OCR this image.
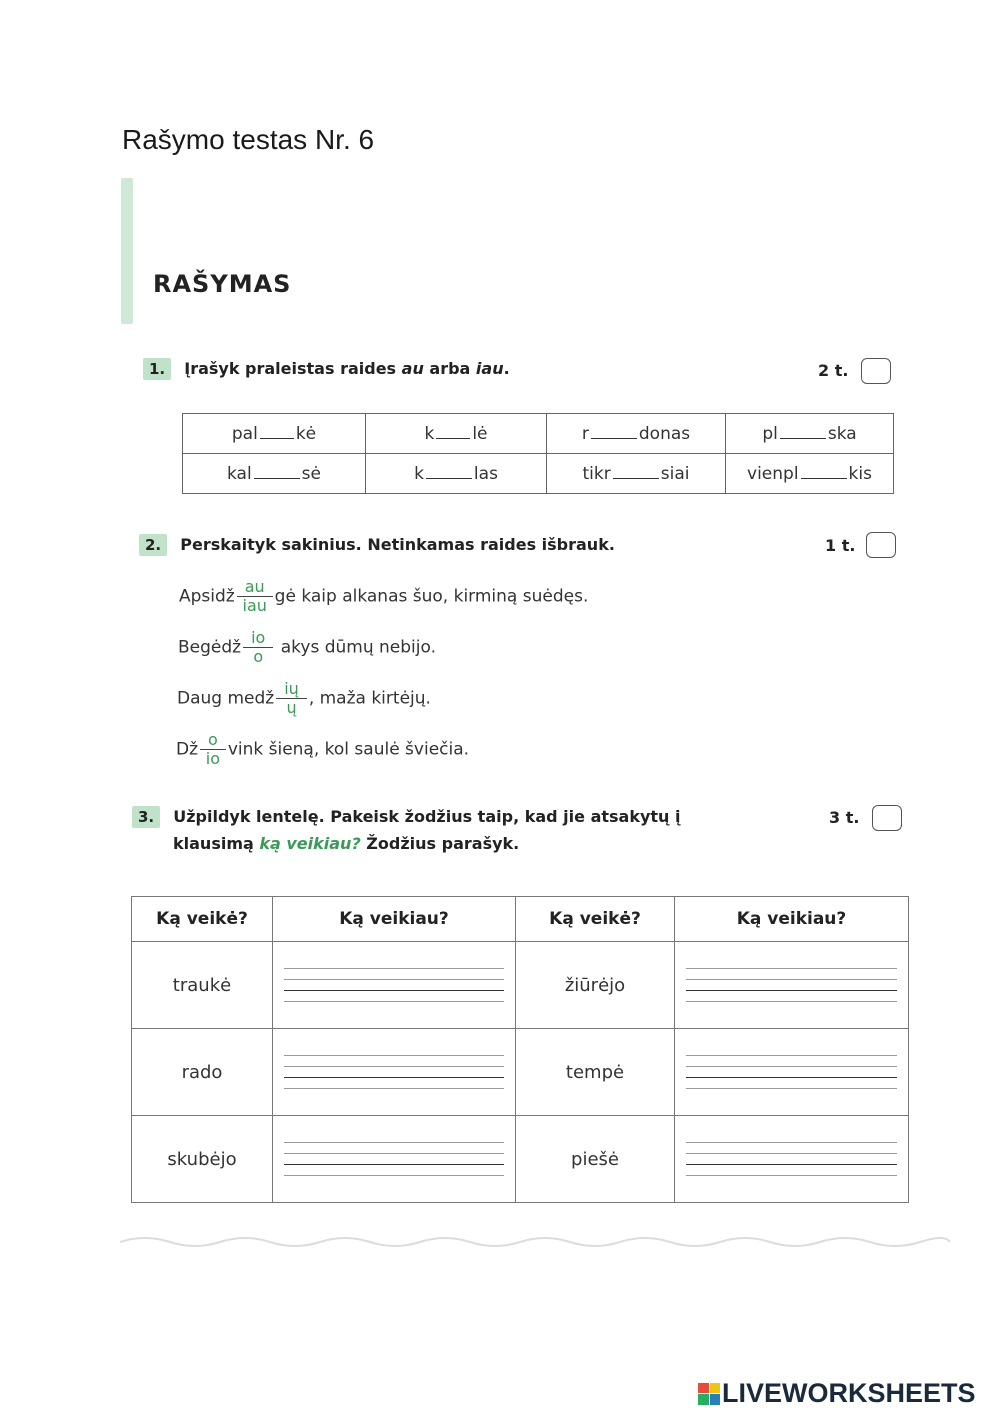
Rašymo testas Nr. 6
RAŠYMAS
1. Įrašyk praleistas raides au arba iau.	2 t.
pal kė	k lė	r donas	pl ska
kal sė	k las	tikr siai	vienpl kis
2. Perskaityk sakinius. Netinkamas raides išbrauk.	1 t.
Apsidž $\frac{au}{\text{iau}}$ gė kaip alkanas šuo, kirminą suėdęs.
Begėdž $\frac{io}{o}$ akys dūmų nebijo.
Daug medž $\frac{ių}{ų}$ , maža kirtėjų.
Dž $\frac{o}{io}$ vink šieną, kol saulė šviečia.
3. Užpildyk lentelę. Pakeisk žodžius taip, kad jie atsakytų į
klausimą ką veikiau? Žodžius parašyk.
3 t.
Ką veikė?	Ką veikiau?	Ką veikė?	Ką veikiau?
traukė		žiūrėjo	

rado		tempė	

skubėjo		piešė	
LIVEWORKSHEETS
